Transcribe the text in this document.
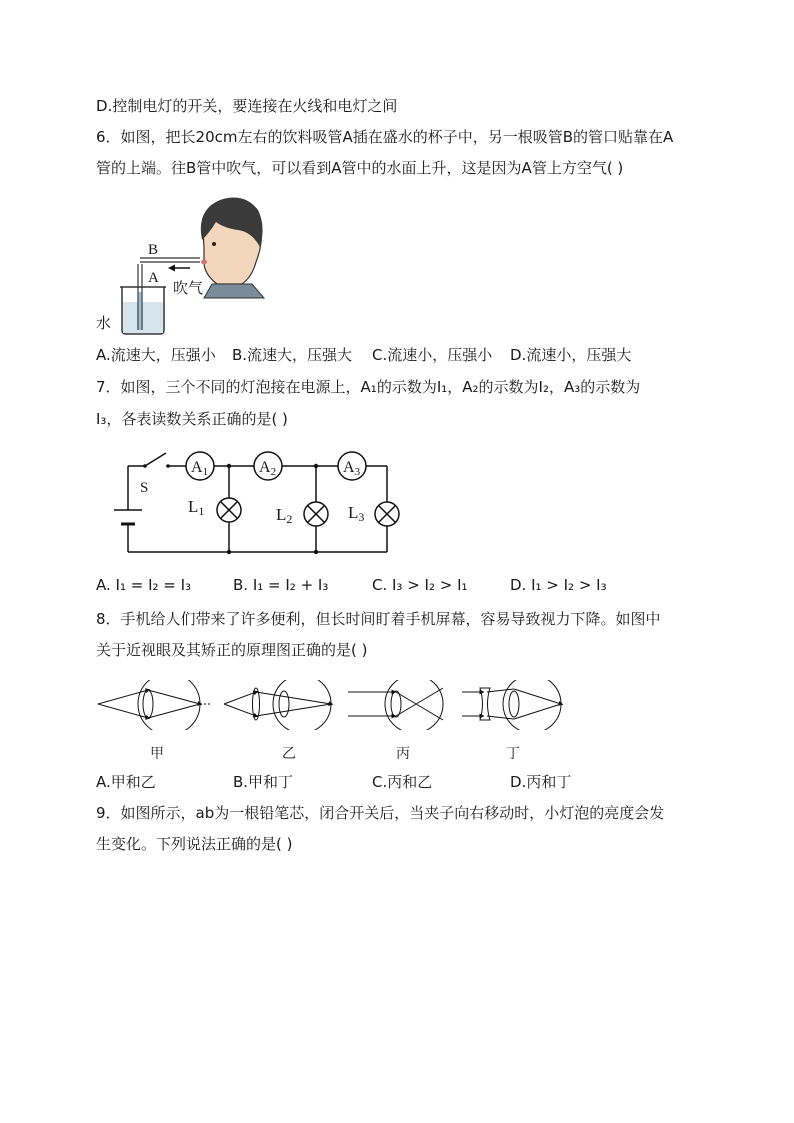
D.控制电灯的开关，要连接在火线和电灯之间
6．如图，把长20cm左右的饮料吸管A插在盛水的杯子中，另一根吸管B的管口贴靠在A
管的上端。往B管中吹气，可以看到A管中的水面上升，这是因为A管上方空气( )
B
A
吹气
水
A.流速大，压强小 B.流速大，压强大 C.流速小，压强小 D.流速小，压强大
7．如图，三个不同的灯泡接在电源上，A₁的示数为I₁，A₂的示数为I₂，A₃的示数为
I₃，各表读数关系正确的是( )
A1	A2	A3
S
L1	L2	L3
A. I₁ = I₂ = I₃	B. I₁ = I₂ + I₃	C. I₃ > I₂ > I₁	D. I₁ > I₂ > I₃
8．手机给人们带来了许多便利，但长时间盯着手机屏幕，容易导致视力下降。如图中
关于近视眼及其矫正的原理图正确的是( )
甲	乙	丙	丁
A.甲和乙	B.甲和丁	C.丙和乙	D.丙和丁
9．如图所示，ab为一根铅笔芯，闭合开关后，当夹子向右移动时，小灯泡的亮度会发
生变化。下列说法正确的是( )
